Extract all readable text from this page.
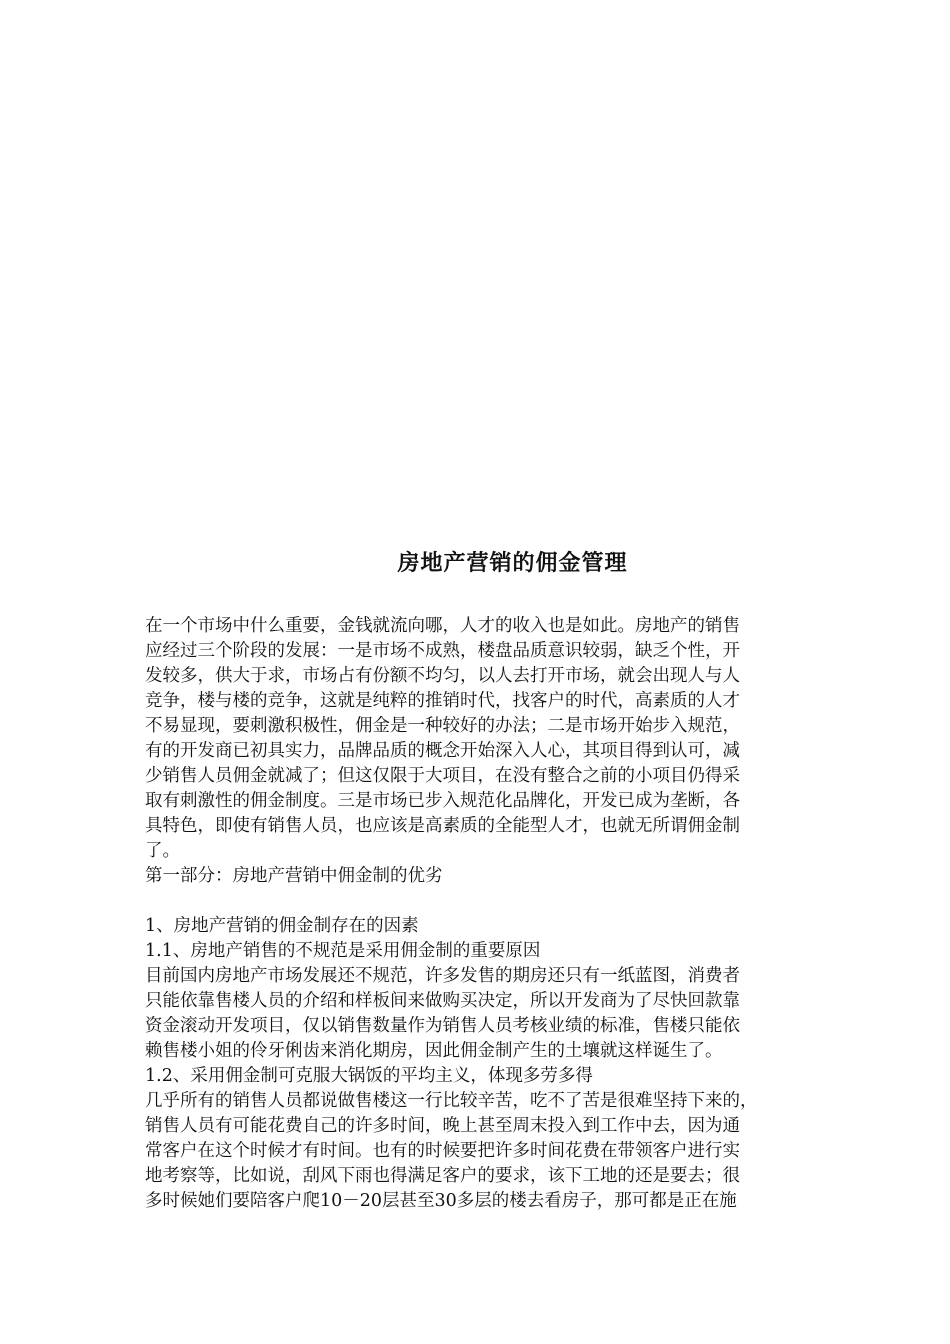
房地产营销的佣金管理
在一个市场中什么重要，金钱就流向哪，人才的收入也是如此。房地产的销售
应经过三个阶段的发展：一是市场不成熟，楼盘品质意识较弱，缺乏个性，开
发较多，供大于求，市场占有份额不均匀，以人去打开市场，就会出现人与人
竞争，楼与楼的竞争，这就是纯粹的推销时代，找客户的时代，高素质的人才
不易显现，要刺激积极性，佣金是一种较好的办法；二是市场开始步入规范，
有的开发商已初具实力，品牌品质的概念开始深入人心，其项目得到认可，减
少销售人员佣金就减了；但这仅限于大项目，在没有整合之前的小项目仍得采
取有刺激性的佣金制度。三是市场已步入规范化品牌化，开发已成为垄断，各
具特色，即使有销售人员，也应该是高素质的全能型人才，也就无所谓佣金制
了。
第一部分：房地产营销中佣金制的优劣
1、房地产营销的佣金制存在的因素
1.1、房地产销售的不规范是采用佣金制的重要原因
目前国内房地产市场发展还不规范，许多发售的期房还只有一纸蓝图，消费者
只能依靠售楼人员的介绍和样板间来做购买决定，所以开发商为了尽快回款靠
资金滚动开发项目，仅以销售数量作为销售人员考核业绩的标准，售楼只能依
赖售楼小姐的伶牙俐齿来消化期房，因此佣金制产生的土壤就这样诞生了。
1.2、采用佣金制可克服大锅饭的平均主义，体现多劳多得
几乎所有的销售人员都说做售楼这一行比较辛苦，吃不了苦是很难坚持下来的，
销售人员有可能花费自己的许多时间，晚上甚至周末投入到工作中去，因为通
常客户在这个时候才有时间。也有的时候要把许多时间花费在带领客户进行实
地考察等，比如说，刮风下雨也得满足客户的要求，该下工地的还是要去；很
多时候她们要陪客户爬10－20层甚至30多层的楼去看房子，那可都是正在施
